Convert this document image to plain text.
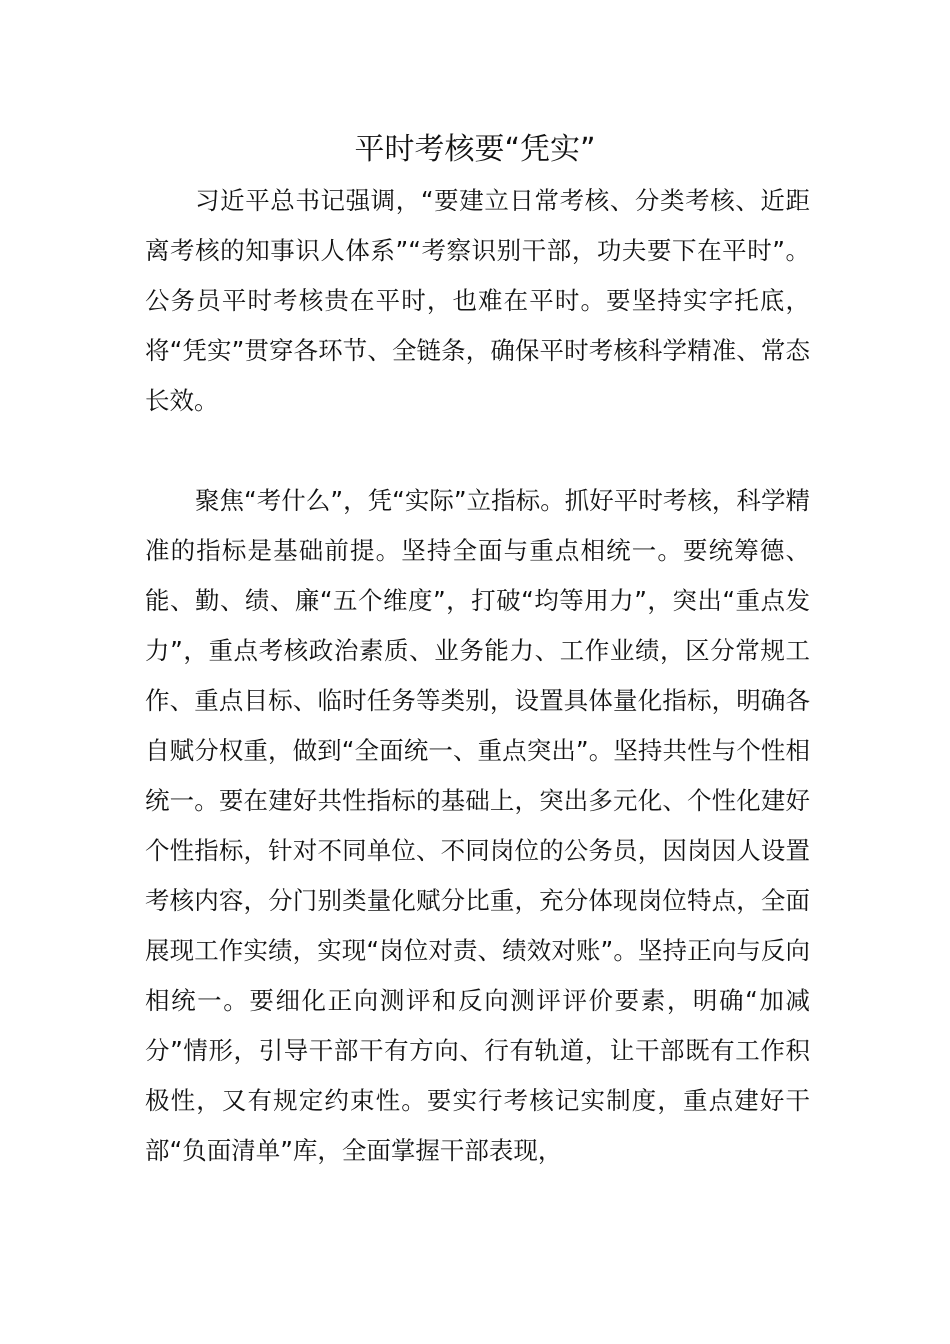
平时考核要“凭实”

习近平总书记强调，“要建立日常考核、分类考核、近距离考核的知事识人体系”“考察识别干部，功夫要下在平时”。公务员平时考核贵在平时，也难在平时。要坚持实字托底，将“凭实”贯穿各环节、全链条，确保平时考核科学精准、常态长效。

聚焦“考什么”，凭“实际”立指标。抓好平时考核，科学精准的指标是基础前提。坚持全面与重点相统一。要统筹德、能、勤、绩、廉“五个维度”，打破“均等用力”，突出“重点发力”，重点考核政治素质、业务能力、工作业绩，区分常规工作、重点目标、临时任务等类别，设置具体量化指标，明确各自赋分权重，做到“全面统一、重点突出”。坚持共性与个性相统一。要在建好共性指标的基础上，突出多元化、个性化建好个性指标，针对不同单位、不同岗位的公务员，因岗因人设置考核内容，分门别类量化赋分比重，充分体现岗位特点，全面展现工作实绩，实现“岗位对责、绩效对账”。坚持正向与反向相统一。要细化正向测评和反向测评评价要素，明确“加减分”情形，引导干部干有方向、行有轨道，让干部既有工作积极性，又有规定约束性。要实行考核记实制度，重点建好干部“负面清单”库，全面掌握干部表现，
